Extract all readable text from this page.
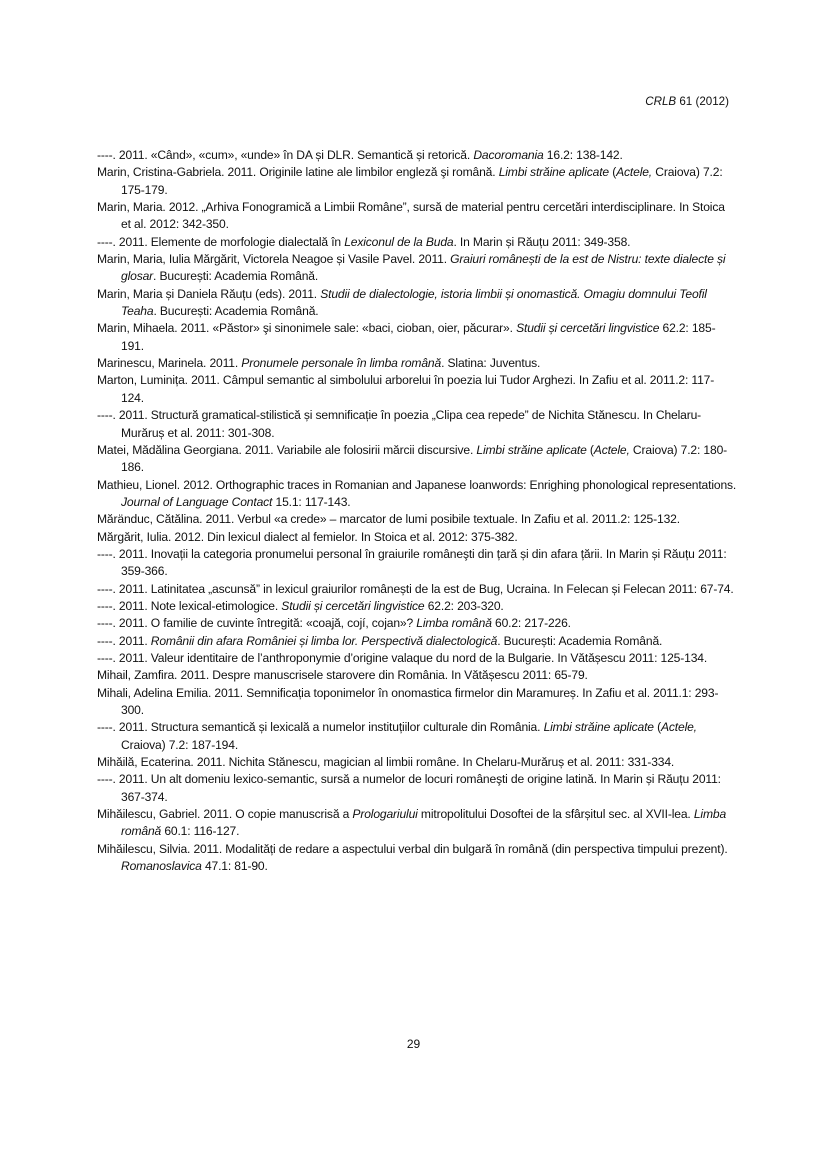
CRLB 61 (2012)

----. 2011. «Când», «cum», «unde» în DA și DLR. Semantică și retorică. Dacoromania 16.2: 138-142.

Marin, Cristina-Gabriela. 2011. Originile latine ale limbilor engleză şi română. Limbi străine aplicate (Actele, Craiova) 7.2: 175-179.

Marin, Maria. 2012. „Arhiva Fonogramică a Limbii Române”, sursă de material pentru cercetări interdisciplinare. In Stoica et al. 2012: 342-350.

----. 2011. Elemente de morfologie dialectală în Lexiconul de la Buda. In Marin și Răuțu 2011: 349-358.

Marin, Maria, Iulia Mărgărit, Victorela Neagoe și Vasile Pavel. 2011. Graiuri românești de la est de Nistru: texte dialecte și glosar. București: Academia Română.

Marin, Maria și Daniela Răuțu (eds). 2011. Studii de dialectologie, istoria limbii și onomastică. Omagiu domnului Teofil Teaha. București: Academia Română.

Marin, Mihaela. 2011. «Păstor» şi sinonimele sale: «baci, cioban, oier, păcurar». Studii și cercetări lingvistice 62.2: 185-191.

Marinescu, Marinela. 2011. Pronumele personale în limba română. Slatina: Juventus.

Marton, Luminița. 2011. Câmpul semantic al simbolului arborelui în poezia lui Tudor Arghezi. In Zafiu et al. 2011.2: 117-124.

----. 2011. Structură gramatical-stilistică și semnificație în poezia „Clipa cea repede” de Nichita Stănescu. In Chelaru-Murăruș et al. 2011: 301-308.

Matei, Mădălina Georgiana. 2011. Variabile ale folosirii mărcii discursive. Limbi străine aplicate (Actele, Craiova) 7.2: 180-186.

Mathieu, Lionel. 2012. Orthographic traces in Romanian and Japanese loanwords: Enrighing phonological representations. Journal of Language Contact 15.1: 117-143.

Măränduc, Cătălina. 2011. Verbul «a crede» – marcator de lumi posibile textuale. In Zafiu et al. 2011.2: 125-132.

Mărgărit, Iulia. 2012. Din lexicul dialect al femielor. In Stoica et al. 2012: 375-382.

----. 2011. Inovații la categoria pronumelui personal în graiurile româneşti din țară și din afara țării. In Marin și Răuțu 2011: 359-366.

----. 2011. Latinitatea „ascunsă” in lexicul graiurilor românești de la est de Bug, Ucraina. In Felecan și Felecan 2011: 67-74.

----. 2011. Note lexical-etimologice. Studii și cercetări lingvistice 62.2: 203-320.

----. 2011. O familie de cuvinte întregită: «coajă, cojí, cojan»? Limba română 60.2: 217-226.

----. 2011. Românii din afara României și limba lor. Perspectivă dialectologică. București: Academia Română.

----. 2011. Valeur identitaire de l’anthroponymie d’origine valaque du nord de la Bulgarie. In Vătășescu 2011: 125-134.

Mihail, Zamfira. 2011. Despre manuscrisele starovere din România. In Vătășescu 2011: 65-79.

Mihali, Adelina Emilia. 2011. Semnificația toponimelor în onomastica firmelor din Maramureș. In Zafiu et al. 2011.1: 293-300.

----. 2011. Structura semantică și lexicală a numelor instituțiilor culturale din România. Limbi străine aplicate (Actele, Craiova) 7.2: 187-194.

Mihăilă, Ecaterina. 2011. Nichita Stănescu, magician al limbii române. In Chelaru-Murăruș et al. 2011: 331-334.

----. 2011. Un alt domeniu lexico-semantic, sursă a numelor de locuri româneşti de origine latină. In Marin și Răuțu 2011: 367-374.

Mihăilescu, Gabriel. 2011. O copie manuscrisă a Prologariului mitropolitului Dosoftei de la sfârșitul sec. al XVII-lea. Limba română 60.1: 116-127.

Mihăilescu, Silvia. 2011. Modalități de redare a aspectului verbal din bulgară în română (din perspectiva timpului prezent). Romanoslavica 47.1: 81-90.

29
